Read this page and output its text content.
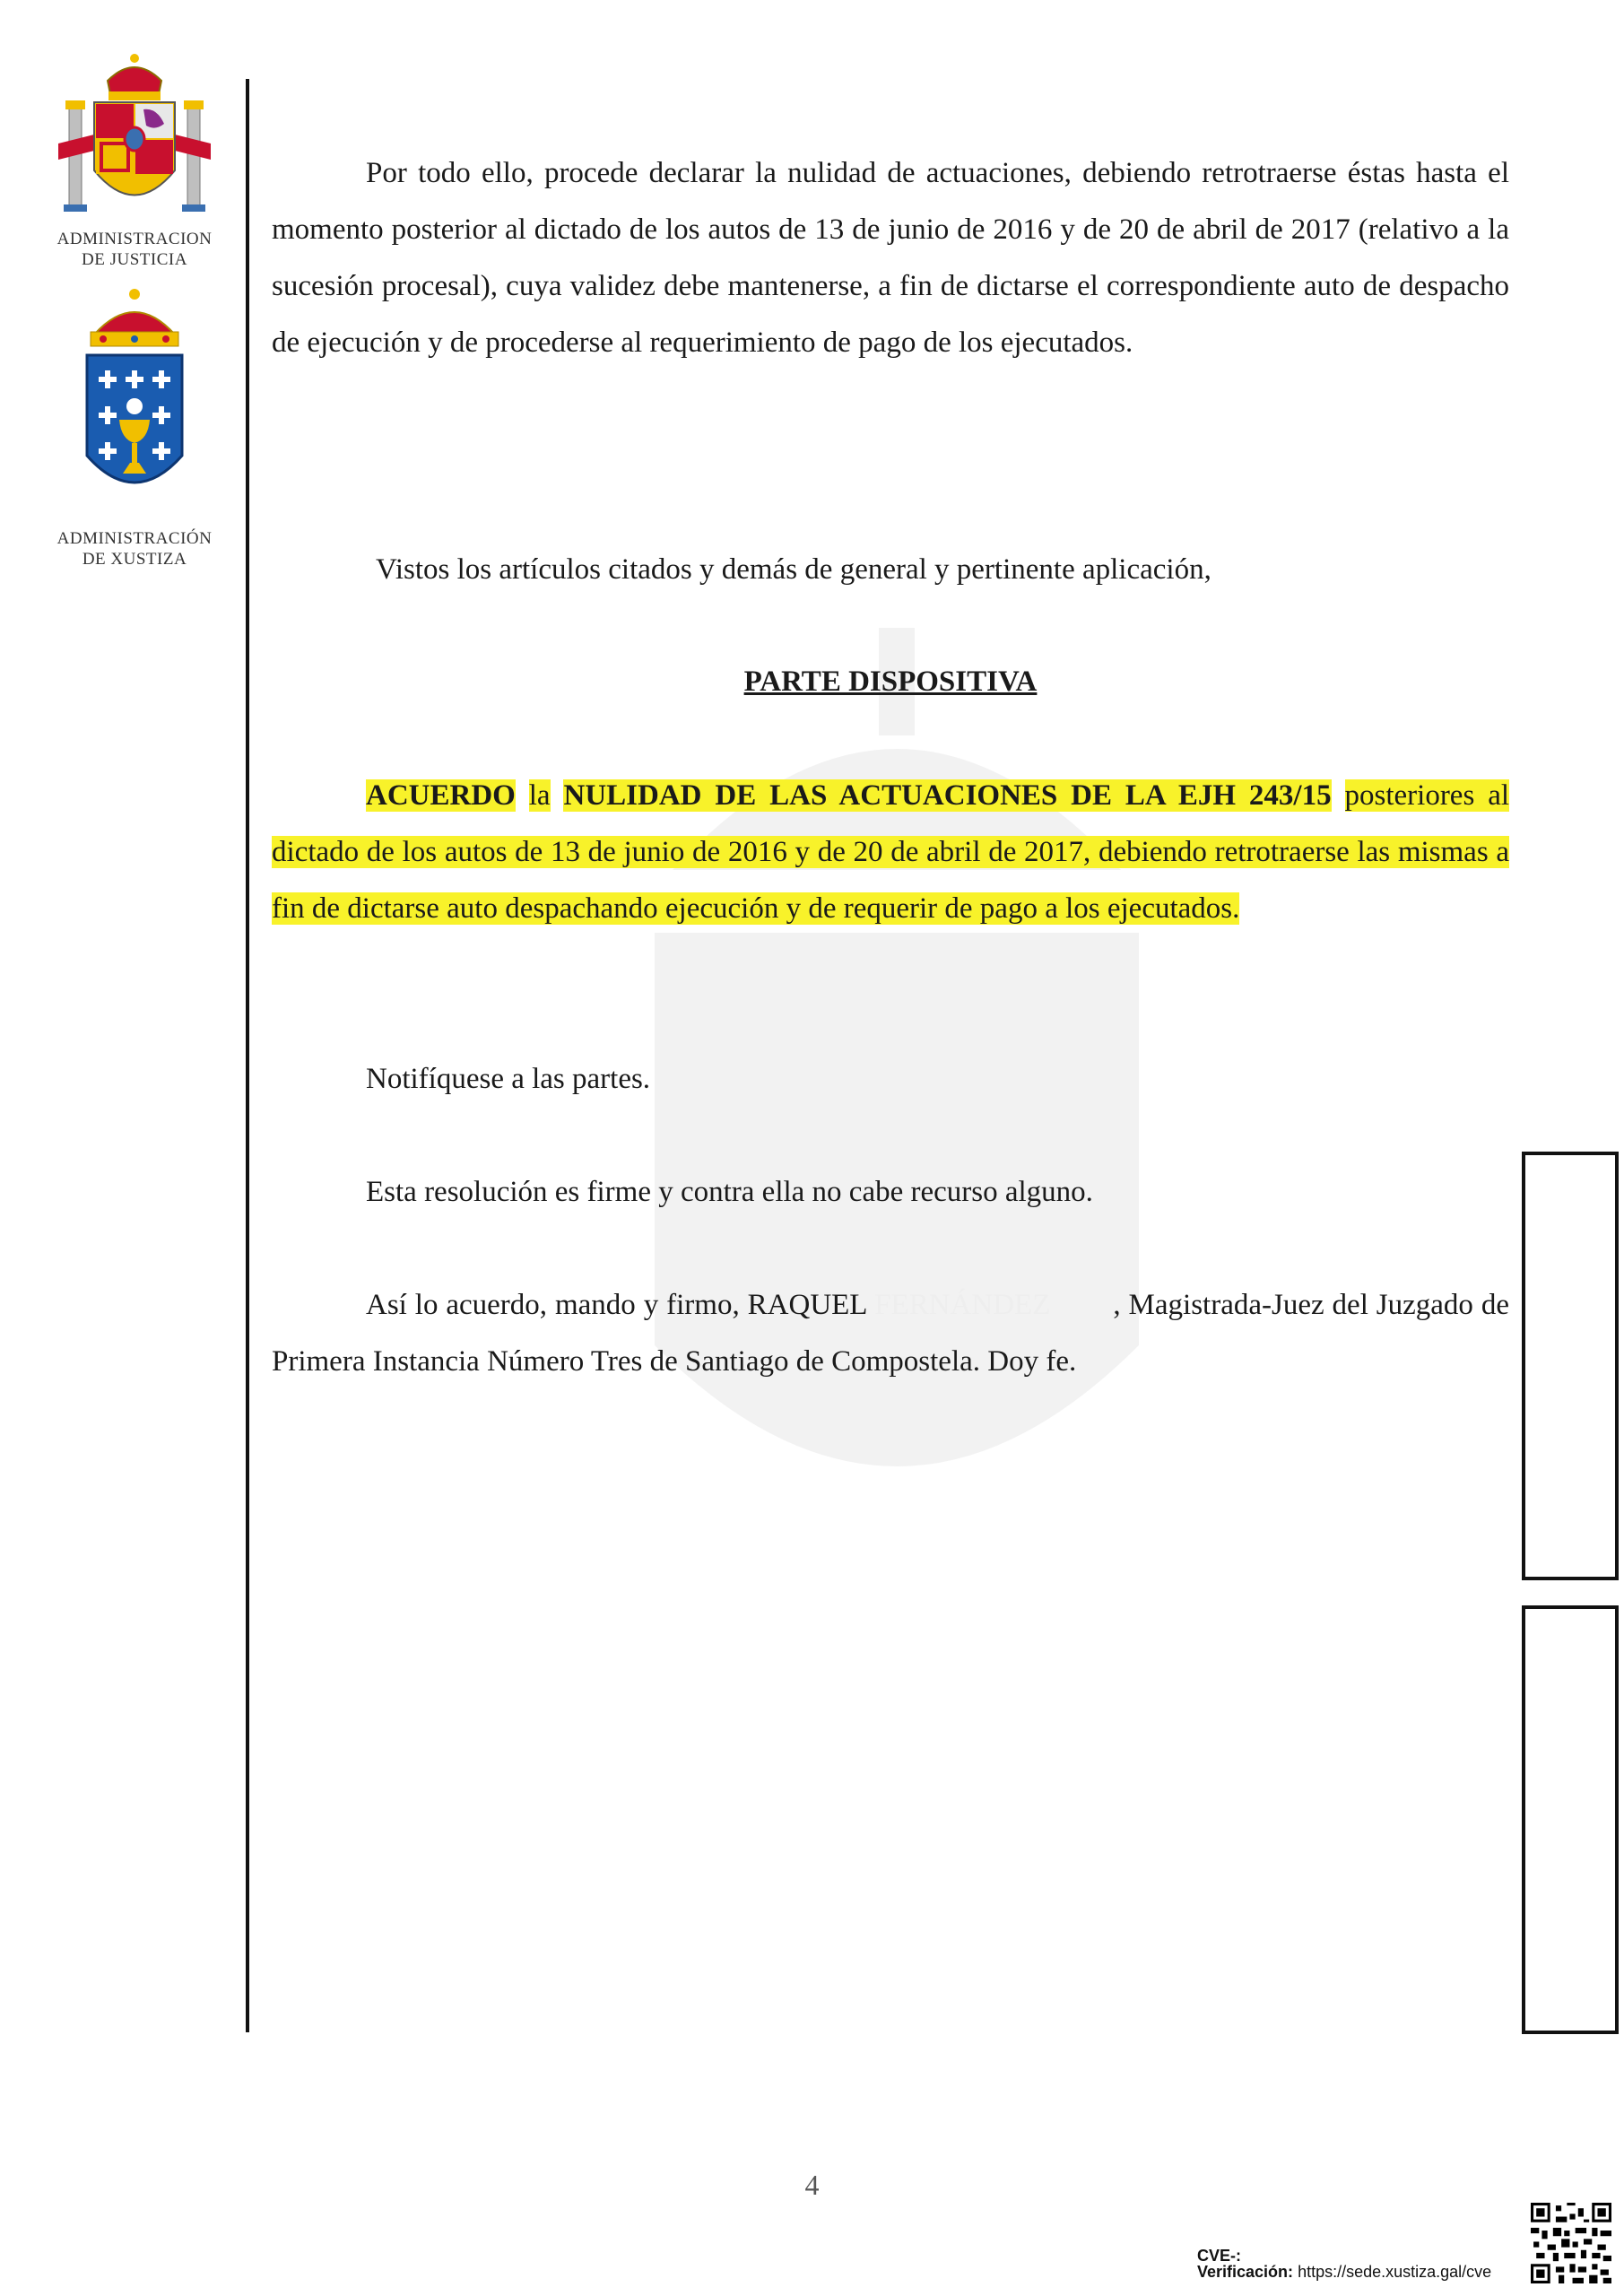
ADMINISTRACION
DE JUSTICIA
ADMINISTRACIÓN
DE XUSTIZA

Por todo ello, procede declarar la nulidad de actuaciones, debiendo retrotraerse éstas hasta el momento posterior al dictado de los autos de 13 de junio de 2016 y de 20 de abril de 2017 (relativo a la sucesión procesal), cuya validez debe mantenerse, a fin de dictarse el correspondiente auto de despacho de ejecución y de procederse al requerimiento de pago de los ejecutados.

Vistos los artículos citados y demás de general y pertinente aplicación,

PARTE DISPOSITIVA

ACUERDO la NULIDAD DE LAS ACTUACIONES DE LA EJH 243/15 posteriores al dictado de los autos de 13 de junio de 2016 y de 20 de abril de 2017, debiendo retrotraerse las mismas a fin de dictarse auto despachando ejecución y de requerir de pago a los ejecutados.

Notifíquese a las partes.

Esta resolución es firme y contra ella no cabe recurso alguno.

Así lo acuerdo, mando y firmo, RAQUEL FERNÁNDEZ , Magistrada-Juez del Juzgado de Primera Instancia Número Tres de Santiago de Compostela. Doy fe.

4
CVE-:
Verificación: https://sede.xustiza.gal/cve
